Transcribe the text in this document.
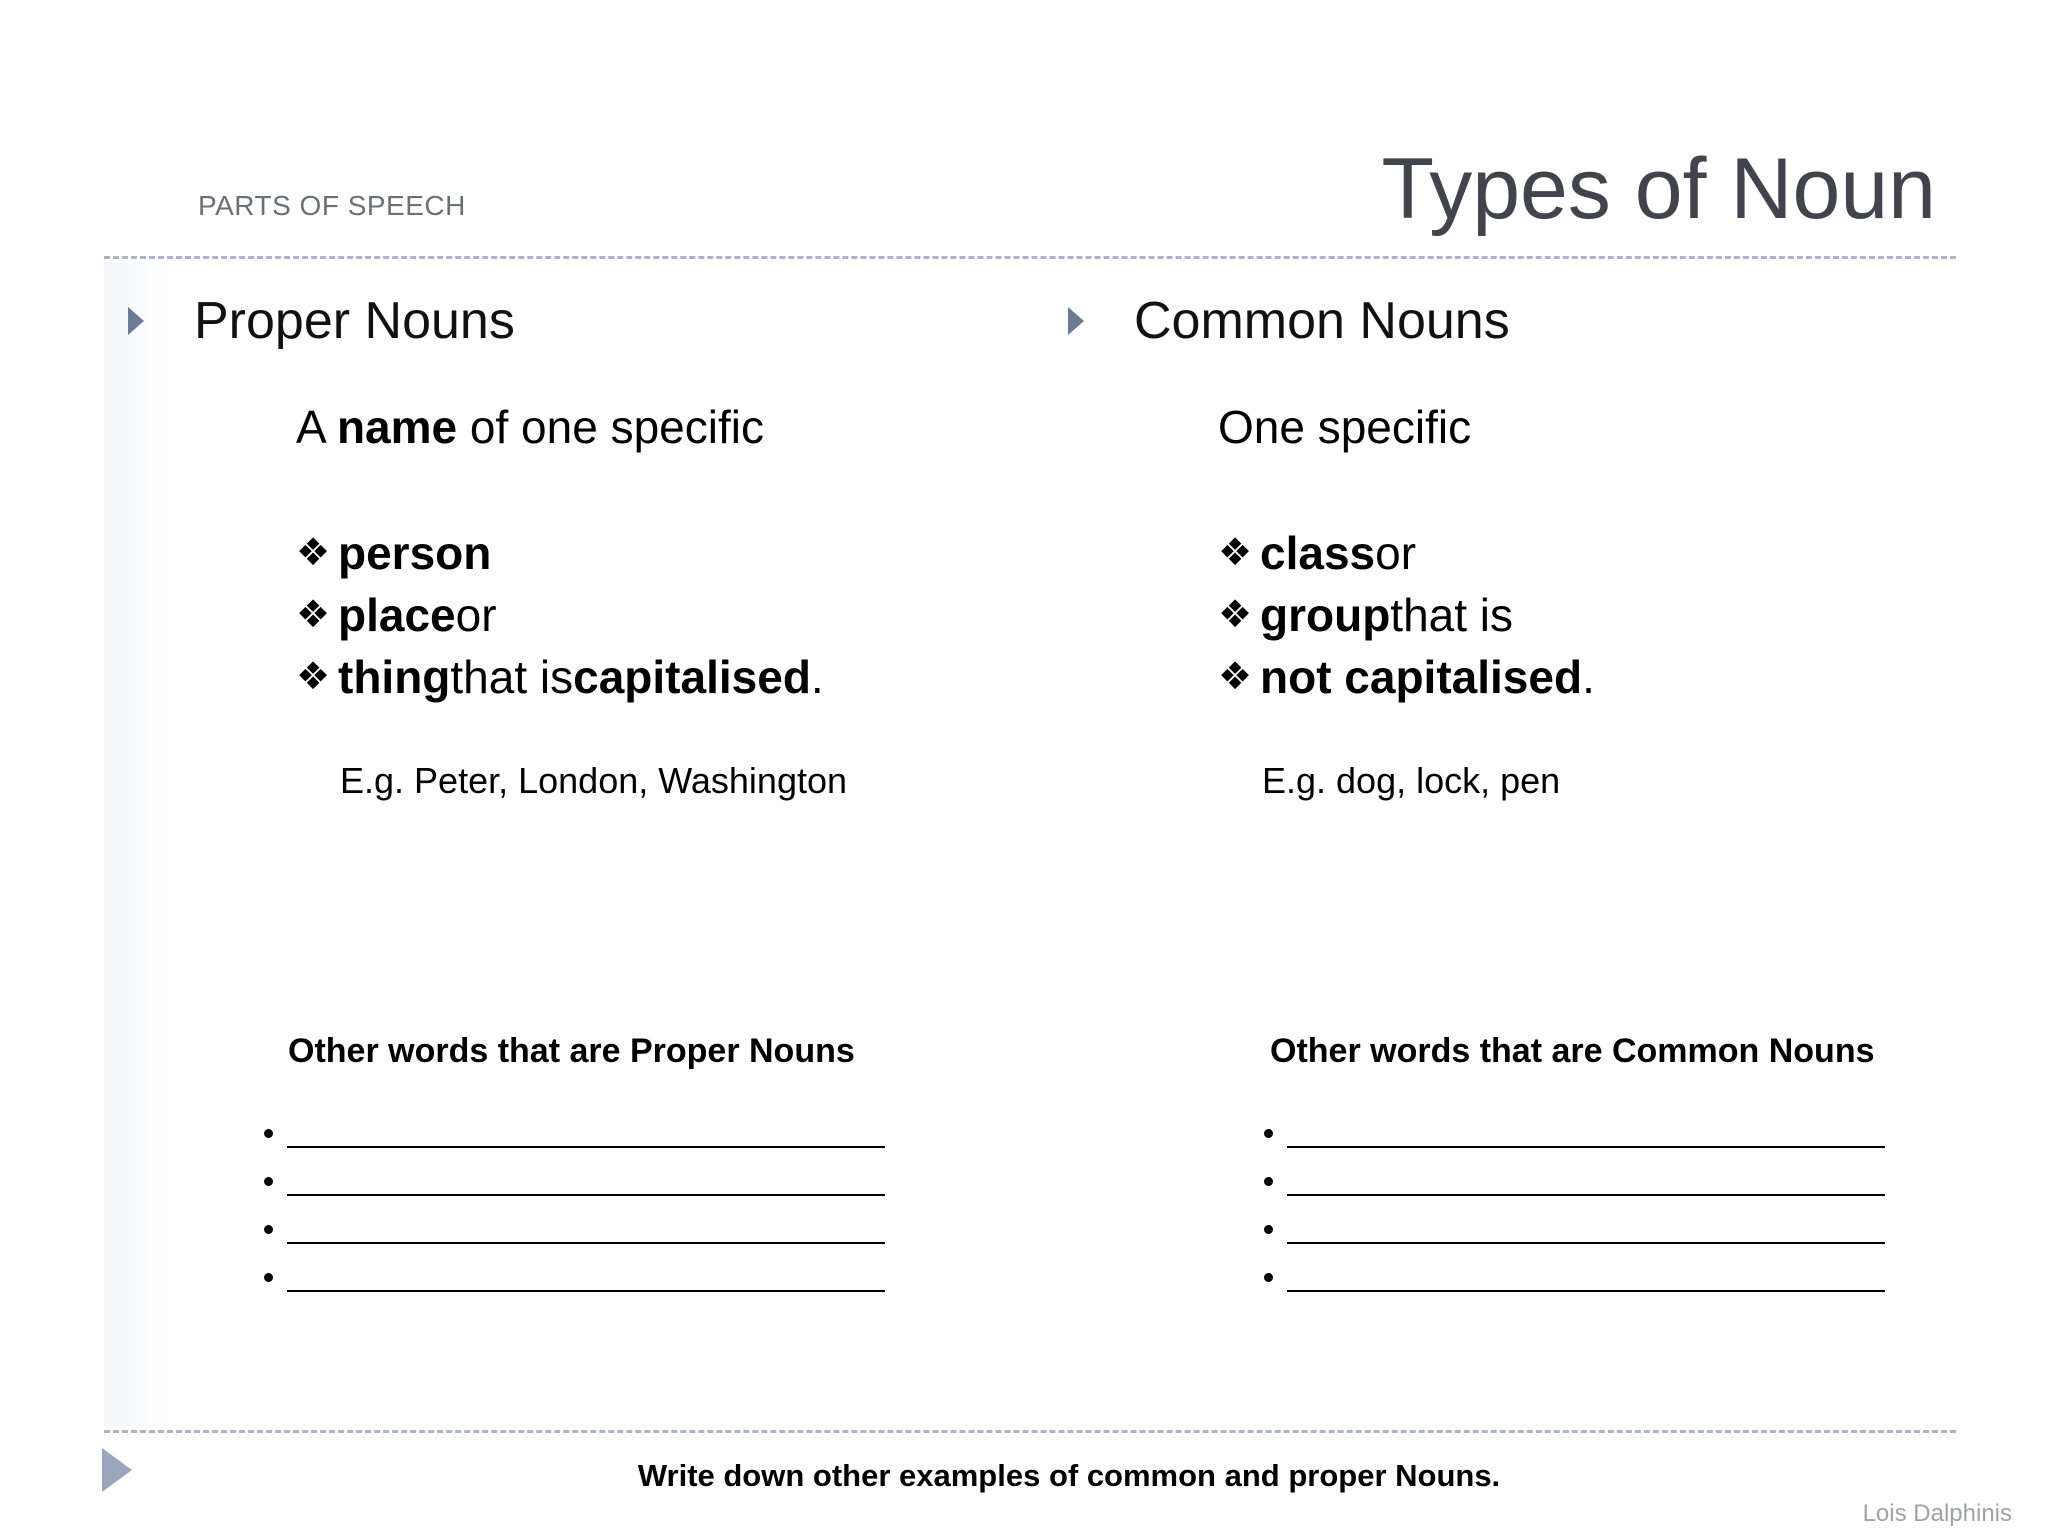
PARTS OF SPEECH	Types of Noun
Proper Nouns
A name of one specific
❖ person
❖ place or
❖ thing that is capitalised .
E.g. Peter, London, Washington
Other words that are Proper Nouns
Common Nouns
One specific
❖ class or
❖ group that is
❖ not capitalised .
E.g. dog, lock, pen
Other words that are Common Nouns
Write down other examples of common and proper Nouns.
Lois Dalphinis
